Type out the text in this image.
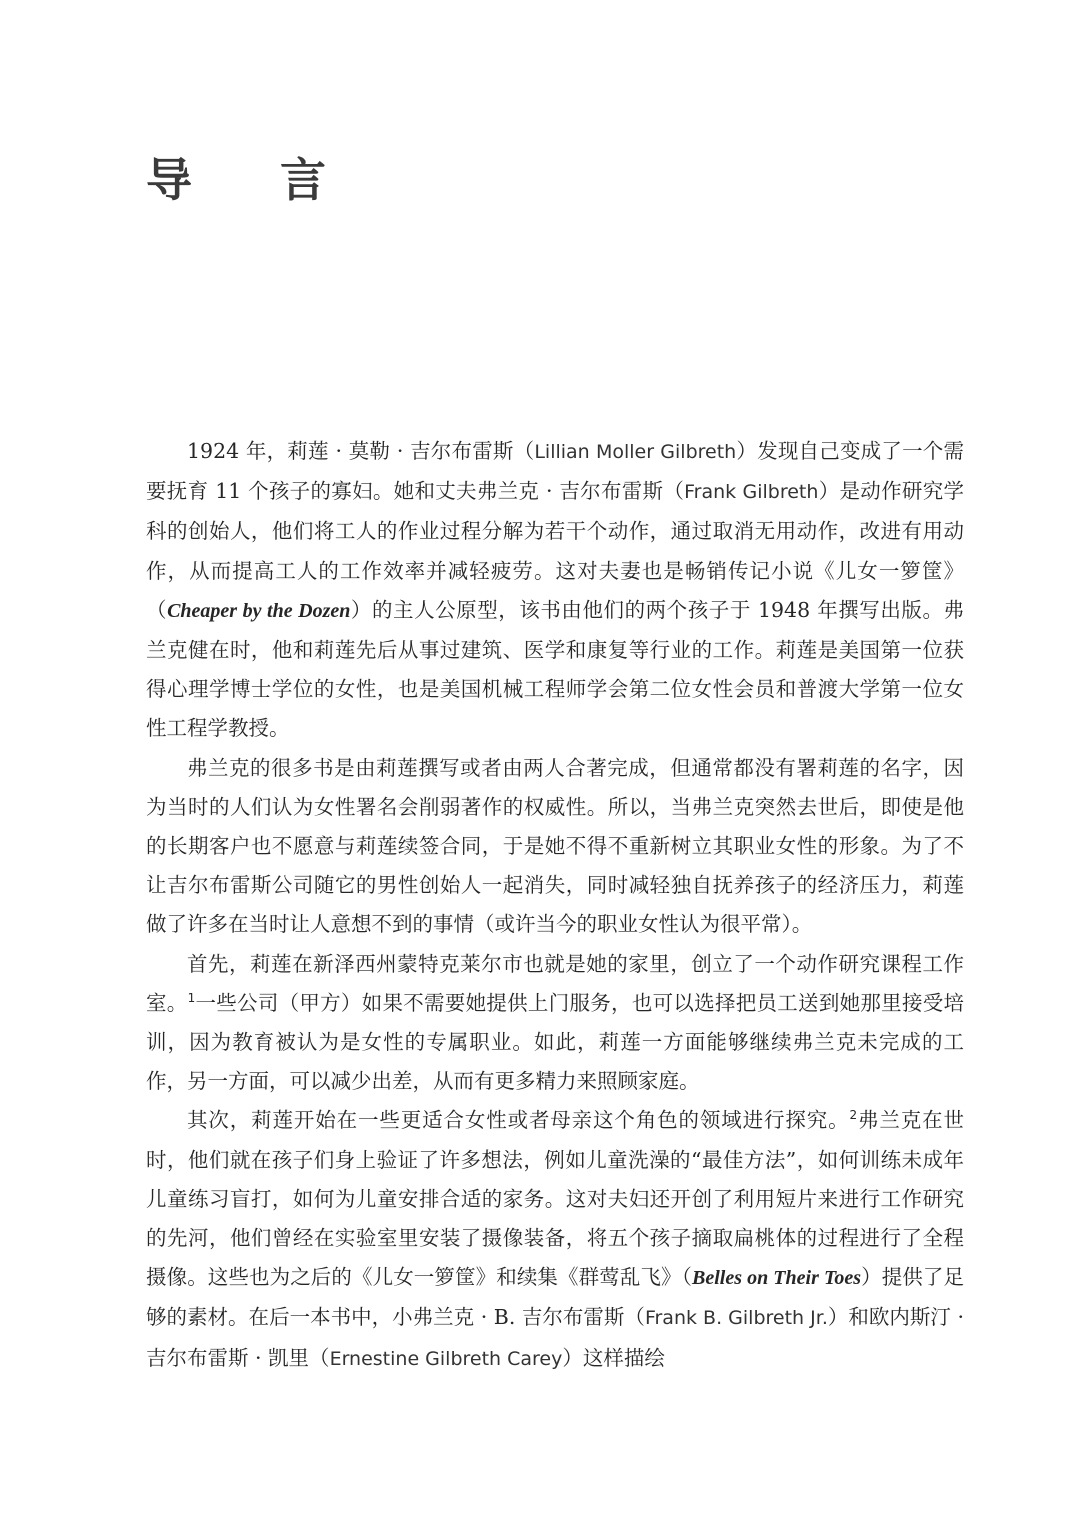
导 言

1924 年，莉莲 · 莫勒 · 吉尔布雷斯（Lillian Moller Gilbreth）发现自己变成了一个需要抚育 11 个孩子的寡妇。她和丈夫弗兰克 · 吉尔布雷斯（Frank Gilbreth）是动作研究学科的创始人，他们将工人的作业过程分解为若干个动作，通过取消无用动作，改进有用动作，从而提高工人的工作效率并减轻疲劳。这对夫妻也是畅销传记小说《儿女一箩筐》（Cheaper by the Dozen）的主人公原型，该书由他们的两个孩子于 1948 年撰写出版。弗兰克健在时，他和莉莲先后从事过建筑、医学和康复等行业的工作。莉莲是美国第一位获得心理学博士学位的女性，也是美国机械工程师学会第二位女性会员和普渡大学第一位女性工程学教授。

弗兰克的很多书是由莉莲撰写或者由两人合著完成，但通常都没有署莉莲的名字，因为当时的人们认为女性署名会削弱著作的权威性。所以，当弗兰克突然去世后，即使是他的长期客户也不愿意与莉莲续签合同，于是她不得不重新树立其职业女性的形象。为了不让吉尔布雷斯公司随它的男性创始人一起消失，同时减轻独自抚养孩子的经济压力，莉莲做了许多在当时让人意想不到的事情（或许当今的职业女性认为很平常）。

首先，莉莲在新泽西州蒙特克莱尔市也就是她的家里，创立了一个动作研究课程工作室。$^1$一些公司（甲方）如果不需要她提供上门服务，也可以选择把员工送到她那里接受培训，因为教育被认为是女性的专属职业。如此，莉莲一方面能够继续弗兰克未完成的工作，另一方面，可以减少出差，从而有更多精力来照顾家庭。

其次，莉莲开始在一些更适合女性或者母亲这个角色的领域进行探究。$^2$弗兰克在世时，他们就在孩子们身上验证了许多想法，例如儿童洗澡的“最佳方法”，如何训练未成年儿童练习盲打，如何为儿童安排合适的家务。这对夫妇还开创了利用短片来进行工作研究的先河，他们曾经在实验室里安装了摄像装备，将五个孩子摘取扁桃体的过程进行了全程摄像。这些也为之后的《儿女一箩筐》和续集《群莺乱飞》（Belles on Their Toes）提供了足够的素材。在后一本书中，小弗兰克 · B. 吉尔布雷斯（Frank B. Gilbreth Jr.）和欧内斯汀 · 吉尔布雷斯 · 凯里（Ernestine Gilbreth Carey）这样描绘
